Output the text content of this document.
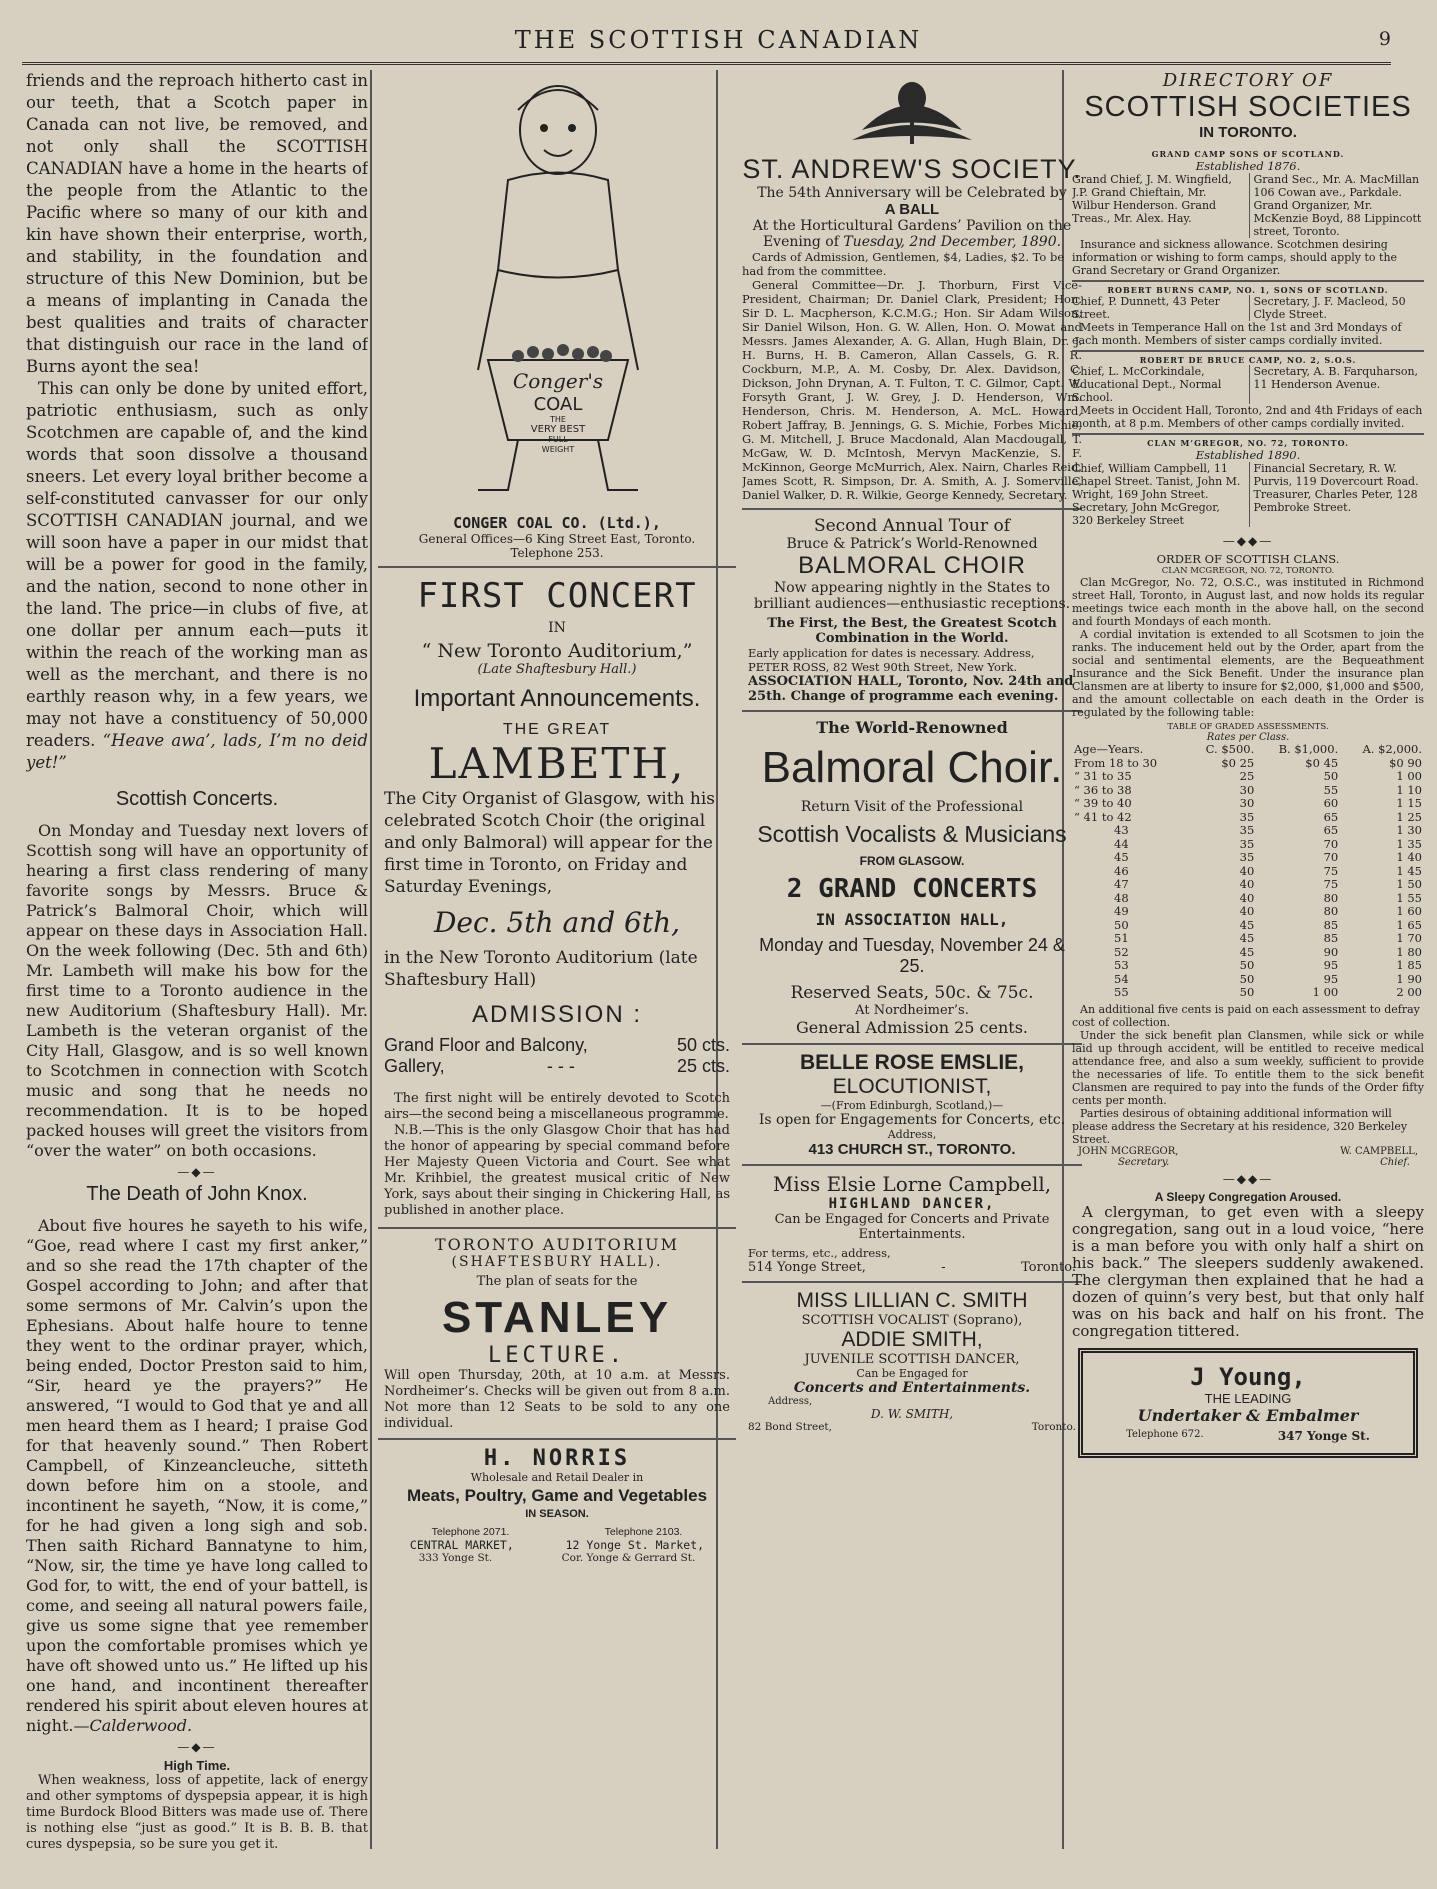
THE SCOTTISH CANADIAN	9

friends and the reproach hitherto cast in our teeth, that a Scotch paper in Canada can not live, be removed, and not only shall the SCOTTISH CANADIAN have a home in the hearts of the people from the Atlantic to the Pacific where so many of our kith and kin have shown their enterprise, worth, and stability, in the foundation and structure of this New Dominion, but be a means of implanting in Canada the best qualities and traits of character that distinguish our race in the land of Burns ayont the sea!

This can only be done by united effort, patriotic enthusiasm, such as only Scotchmen are capable of, and the kind words that soon dissolve a thousand sneers. Let every loyal brither become a self-constituted canvasser for our only SCOTTISH CANADIAN journal, and we will soon have a paper in our midst that will be a power for good in the family, and the nation, second to none other in the land. The price—in clubs of five, at one dollar per annum each—puts it within the reach of the working man as well as the merchant, and there is no earthly reason why, in a few years, we may not have a constituency of 50,000 readers. “Heave awa’, lads, I’m no deid yet!”

Scottish Concerts.

On Monday and Tuesday next lovers of Scottish song will have an opportunity of hearing a first class rendering of many favorite songs by Messrs. Bruce & Patrick’s Balmoral Choir, which will appear on these days in Association Hall. On the week following (Dec. 5th and 6th) Mr. Lambeth will make his bow for the first time to a Toronto audience in the new Auditorium (Shaftesbury Hall). Mr. Lambeth is the veteran organist of the City Hall, Glasgow, and is so well known to Scotchmen in connection with Scotch music and song that he needs no recommendation. It is to be hoped packed houses will greet the visitors from “over the water” on both occasions.

—◆—
The Death of John Knox.

About five houres he sayeth to his wife, “Goe, read where I cast my first anker,” and so she read the 17th chapter of the Gospel according to John; and after that some sermons of Mr. Calvin’s upon the Ephesians. About halfe houre to tenne they went to the ordinar prayer, which, being ended, Doctor Preston said to him, “Sir, heard ye the prayers?” He answered, “I would to God that ye and all men heard them as I heard; I praise God for that heavenly sound.” Then Robert Campbell, of Kinzeancleuche, sitteth down before him on a stoole, and incontinent he sayeth, “Now, it is come,” for he had given a long sigh and sob. Then saith Richard Bannatyne to him, “Now, sir, the time ye have long called to God for, to witt, the end of your battell, is come, and seeing all natural powers faile, give us some signe that yee remember upon the comfortable promises which ye have oft showed unto us.” He lifted up his one hand, and incontinent thereafter rendered his spirit about eleven houres at night.—Calderwood.

—◆—
High Time.

When weakness, loss of appetite, lack of energy and other symptoms of dyspepsia appear, it is high time Burdock Blood Bitters was made use of. There is nothing else “just as good.” It is B. B. B. that cures dyspepsia, so be sure you get it.

Conger's
COAL
THE
VERY BEST
FULL
WEIGHT
CONGER COAL CO. (Ltd.),
General Offices—6 King Street East, Toronto.
Telephone 253.
FIRST CONCERT
IN
“ New Toronto Auditorium,”
(Late Shaftesbury Hall.)
Important Announcements.
THE GREAT
LAMBETH,

The City Organist of Glasgow, with his celebrated Scotch Choir (the original and only Balmoral) will appear for the first time in Toronto, on Friday and Saturday Evenings,

Dec. 5th and 6th,

in the New Toronto Auditorium (late Shaftesbury Hall)

ADMISSION :
Grand Floor and Balcony,	50 cts.
Gallery,	- - -	25 cts.

The first night will be entirely devoted to Scotch airs—the second being a miscellaneous programme.

N.B.—This is the only Glasgow Choir that has had the honor of appearing by special command before Her Majesty Queen Victoria and Court. See what Mr. Krihbiel, the greatest musical critic of New York, says about their singing in Chickering Hall, as published in another place.

TORONTO AUDITORIUM
(SHAFTESBURY HALL).
The plan of seats for the
STANLEY
LECTURE.

Will open Thursday, 20th, at 10 a.m. at Messrs. Nordheimer’s. Checks will be given out from 8 a.m. Not more than 12 Seats to be sold to any one individual.

H. NORRIS
Wholesale and Retail Dealer in
Meats, Poultry, Game and Vegetables
IN SEASON.
Telephone 2071.	Telephone 2103.
CENTRAL MARKET,	12 Yonge St. Market,
333 Yonge St.	Cor. Yonge & Gerrard St.
ST. ANDREW'S SOCIETY.
The 54th Anniversary will be Celebrated by
A BALL
At the Horticultural Gardens’ Pavilion on the Evening of Tuesday, 2nd December, 1890.

Cards of Admission, Gentlemen, $4, Ladies, $2. To be had from the committee.

General Committee—Dr. J. Thorburn, First Vice-President, Chairman; Dr. Daniel Clark, President; Hon. Sir D. L. Macpherson, K.C.M.G.; Hon. Sir Adam Wilson, Sir Daniel Wilson, Hon. G. W. Allen, Hon. O. Mowat and Messrs. James Alexander, A. G. Allan, Hugh Blain, Dr. J. H. Burns, H. B. Cameron, Allan Cassels, G. R. R. Cockburn, M.P., A. M. Cosby, Dr. Alex. Davidson, C. Dickson, John Drynan, A. T. Fulton, T. C. Gilmor, Capt. W. Forsyth Grant, J. W. Grey, J. D. Henderson, Wm. Henderson, Chris. M. Henderson, A. McL. Howard, Robert Jaffray, B. Jennings, G. S. Michie, Forbes Michie, G. M. Mitchell, J. Bruce Macdonald, Alan Macdougall, T. McGaw, W. D. McIntosh, Mervyn MacKenzie, S. F. McKinnon, George McMurrich, Alex. Nairn, Charles Reid, James Scott, R. Simpson, Dr. A. Smith, A. J. Somerville, Daniel Walker, D. R. Wilkie, George Kennedy, Secretary.

Second Annual Tour of
Bruce & Patrick’s World-Renowned
BALMORAL CHOIR
Now appearing nightly in the States to brilliant audiences—enthusiastic receptions.
The First, the Best, the Greatest Scotch Combination in the World.
Early application for dates is necessary. Address, PETER ROSS, 82 West 90th Street, New York.
ASSOCIATION HALL, Toronto, Nov. 24th and 25th. Change of programme each evening.
The World-Renowned
Balmoral Choir.
Return Visit of the Professional
Scottish Vocalists & Musicians
FROM GLASGOW.
2 GRAND CONCERTS
IN ASSOCIATION HALL,
Monday and Tuesday, November 24 & 25.
Reserved Seats, 50c. & 75c.
At Nordheimer’s.
General Admission 25 cents.
BELLE ROSE EMSLIE,
ELOCUTIONIST,
—(From Edinburgh, Scotland,)—
Is open for Engagements for Concerts, etc.
Address,
413 CHURCH ST., TORONTO.
Miss Elsie Lorne Campbell,
HIGHLAND DANCER,
Can be Engaged for Concerts and Private Entertainments.
For terms, etc., address,
514 Yonge Street,	-	Toronto.
MISS LILLIAN C. SMITH
SCOTTISH VOCALIST (Soprano),
ADDIE SMITH,
JUVENILE SCOTTISH DANCER,
Can be Engaged for
Concerts and Entertainments.
Address,
D. W. SMITH,
82 Bond Street,	Toronto.
DIRECTORY OF
SCOTTISH SOCIETIES
IN TORONTO.
GRAND CAMP SONS OF SCOTLAND.
Established 1876.
Grand Chief, J. M. Wingfield, J.P. Grand Chieftain, Mr. Wilbur Henderson. Grand Treas., Mr. Alex. Hay.
Grand Sec., Mr. A. MacMillan 106 Cowan ave., Parkdale. Grand Organizer, Mr. McKenzie Boyd, 88 Lippincott street, Toronto.

Insurance and sickness allowance. Scotchmen desiring information or wishing to form camps, should apply to the Grand Secretary or Grand Organizer.

ROBERT BURNS CAMP, NO. 1, SONS OF SCOTLAND.
Chief, P. Dunnett, 43 Peter Street.
Secretary, J. F. Macleod, 50 Clyde Street.

Meets in Temperance Hall on the 1st and 3rd Mondays of each month. Members of sister camps cordially invited.

ROBERT DE BRUCE CAMP, NO. 2, S.O.S.
Chief, L. McCorkindale, Educational Dept., Normal School.
Secretary, A. B. Farquharson, 11 Henderson Avenue.

Meets in Occident Hall, Toronto, 2nd and 4th Fridays of each month, at 8 p.m. Members of other camps cordially invited.

CLAN M’GREGOR, NO. 72, TORONTO.
Established 1890.
Chief, William Campbell, 11 Chapel Street. Tanist, John M. Wright, 169 John Street. Secretary, John McGregor, 320 Berkeley Street
Financial Secretary, R. W. Purvis, 119 Dovercourt Road. Treasurer, Charles Peter, 128 Pembroke Street.
—◆◆—
ORDER OF SCOTTISH CLANS.
CLAN MCGREGOR, NO. 72, TORONTO.

Clan McGregor, No. 72, O.S.C., was instituted in Richmond street Hall, Toronto, in August last, and now holds its regular meetings twice each month in the above hall, on the second and fourth Mondays of each month.

A cordial invitation is extended to all Scotsmen to join the ranks. The inducement held out by the Order, apart from the social and sentimental elements, are the Bequeathment Insurance and the Sick Benefit. Under the insurance plan Clansmen are at liberty to insure for $2,000, $1,000 and $500, and the amount collectable on each death in the Order is regulated by the following table:

TABLE OF GRADED ASSESSMENTS.
Rates per Class.
Age—Years.	C. $500.	B. $1,000.	A. $2,000.
From 18 to 30	$0 25	$0 45	$0 90
“ 31 to 35	25	50	1 00
“ 36 to 38	30	55	1 10
“ 39 to 40	30	60	1 15
“ 41 to 42	35	65	1 25
43	35	65	1 30
44	35	70	1 35
45	35	70	1 40
46	40	75	1 45
47	40	75	1 50
48	40	80	1 55
49	40	80	1 60
50	45	85	1 65
51	45	85	1 70
52	45	90	1 80
53	50	95	1 85
54	50	95	1 90
55	50	1 00	2 00

An additional five cents is paid on each assessment to defray cost of collection.

Under the sick benefit plan Clansmen, while sick or while laid up through accident, will be entitled to receive medical attendance free, and also a sum weekly, sufficient to provide the necessaries of life. To entitle them to the sick benefit Clansmen are required to pay into the funds of the Order fifty cents per month.

Parties desirous of obtaining additional information will please address the Secretary at his residence, 320 Berkeley Street.

JOHN MCGREGOR,
Secretary.
W. CAMPBELL,
Chief.
—◆◆—
A Sleepy Congregation Aroused.

A clergyman, to get even with a sleepy congregation, sang out in a loud voice, “here is a man before you with only half a shirt on his back.” The sleepers suddenly awakened. The clergyman then explained that he had a dozen of quinn’s very best, but that only half was on his back and half on his front. The congregation tittered.

J Young,
THE LEADING
Undertaker & Embalmer
Telephone 672.	347 Yonge St.
